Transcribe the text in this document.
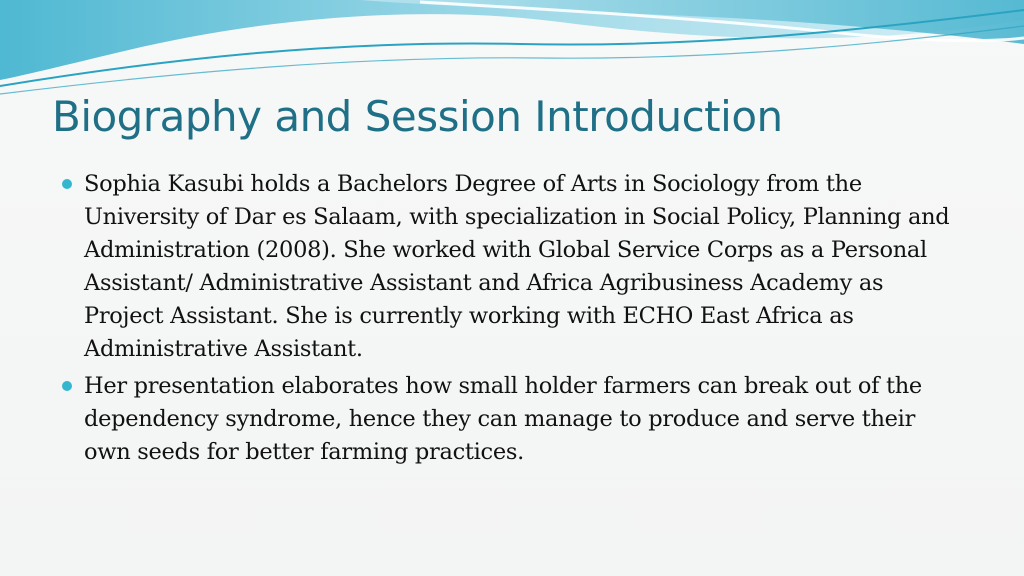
Biography and Session Introduction
Sophia Kasubi holds a Bachelors Degree of Arts in Sociology from the University of Dar es Salaam, with specialization in Social Policy, Planning and Administration (2008). She worked with Global Service Corps as a Personal Assistant/ Administrative Assistant and Africa Agribusiness Academy as Project Assistant. She is currently working with ECHO East Africa as Administrative Assistant.
Her presentation elaborates how small holder farmers can break out of the dependency syndrome, hence they can manage to produce and serve their own seeds for better farming practices.
